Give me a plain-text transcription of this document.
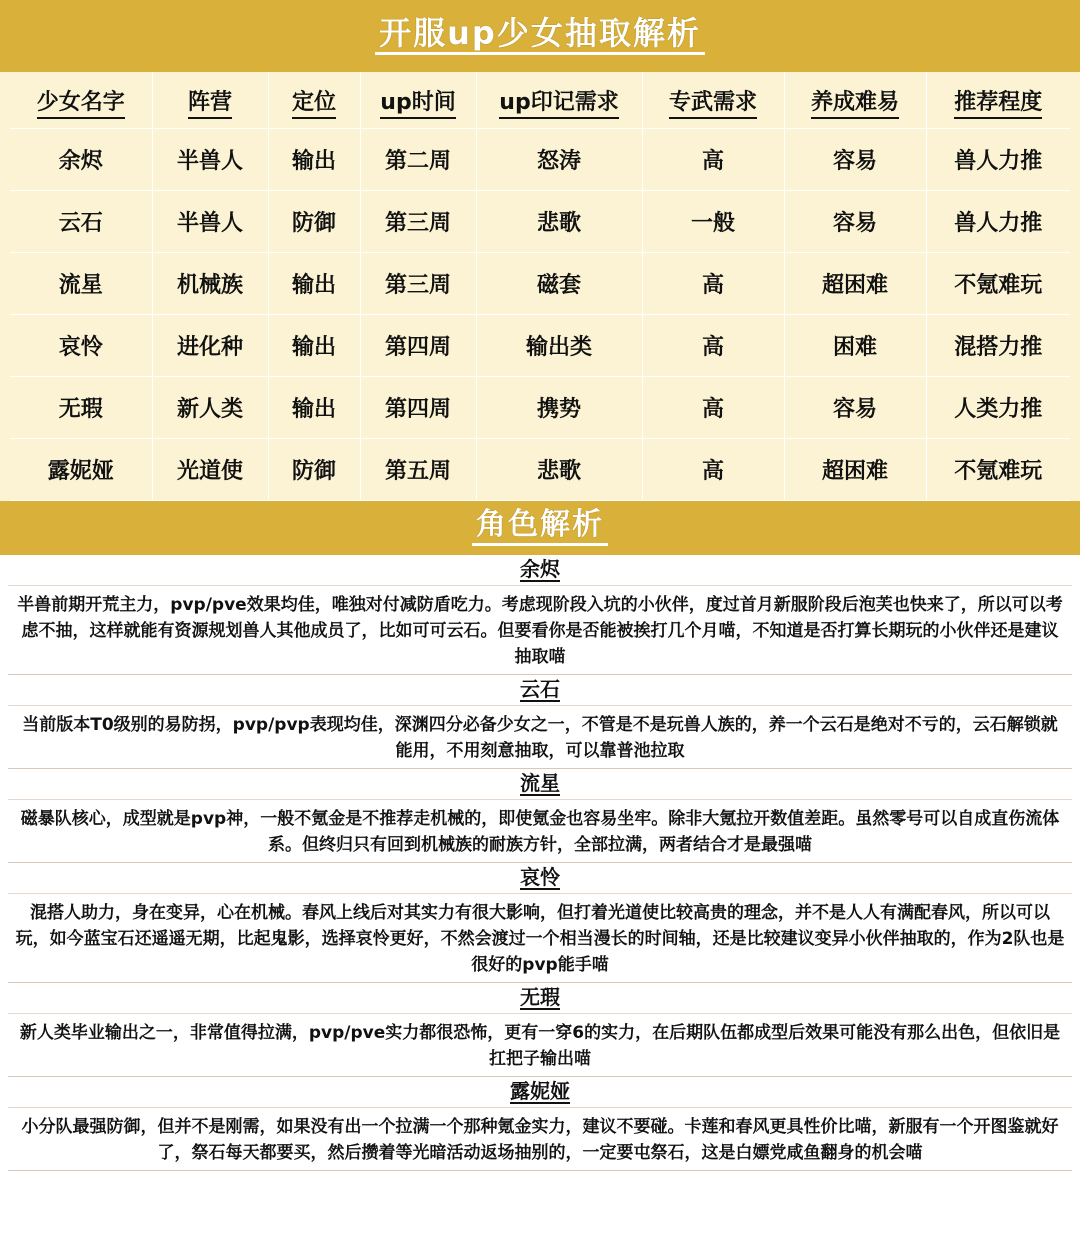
开服up少女抽取解析
少女名字	阵营	定位	up时间	up印记需求	专武需求	养成难易	推荐程度
余烬	半兽人	输出	第二周	怒涛	高	容易	兽人力推
云石	半兽人	防御	第三周	悲歌	一般	容易	兽人力推
流星	机械族	输出	第三周	磁套	高	超困难	不氪难玩
哀怜	进化种	输出	第四周	输出类	高	困难	混搭力推
无瑕	新人类	输出	第四周	携势	高	容易	人类力推
露妮娅	光道使	防御	第五周	悲歌	高	超困难	不氪难玩
角色解析
余烬
半兽前期开荒主力，pvp/pve效果均佳，唯独对付减防盾吃力。考虑现阶段入坑的小伙伴，度过首月新服阶段后泡芙也快来了，所以可以考虑不抽，这样就能有资源规划兽人其他成员了，比如可可云石。但要看你是否能被挨打几个月喵，不知道是否打算长期玩的小伙伴还是建议抽取喵
云石
当前版本T0级别的易防拐，pvp/pvp表现均佳，深渊四分必备少女之一，不管是不是玩兽人族的，养一个云石是绝对不亏的，云石解锁就能用，不用刻意抽取，可以靠普池拉取
流星
磁暴队核心，成型就是pvp神，一般不氪金是不推荐走机械的，即使氪金也容易坐牢。除非大氪拉开数值差距。虽然零号可以自成直伤流体系。但终归只有回到机械族的耐族方针，全部拉满，两者结合才是最强喵
哀怜
混搭人助力，身在变异，心在机械。春风上线后对其实力有很大影响，但打着光道使比较高贵的理念，并不是人人有满配春风，所以可以玩，如今蓝宝石还遥遥无期，比起鬼影，选择哀怜更好，不然会渡过一个相当漫长的时间轴，还是比较建议变异小伙伴抽取的，作为2队也是很好的pvp能手喵
无瑕
新人类毕业输出之一，非常值得拉满，pvp/pve实力都很恐怖，更有一穿6的实力，在后期队伍都成型后效果可能没有那么出色，但依旧是扛把子输出喵
露妮娅
小分队最强防御，但并不是刚需，如果没有出一个拉满一个那种氪金实力，建议不要碰。卡莲和春风更具性价比喵，新服有一个开图鉴就好了，祭石每天都要买，然后攒着等光暗活动返场抽别的，一定要屯祭石，这是白嫖党咸鱼翻身的机会喵
